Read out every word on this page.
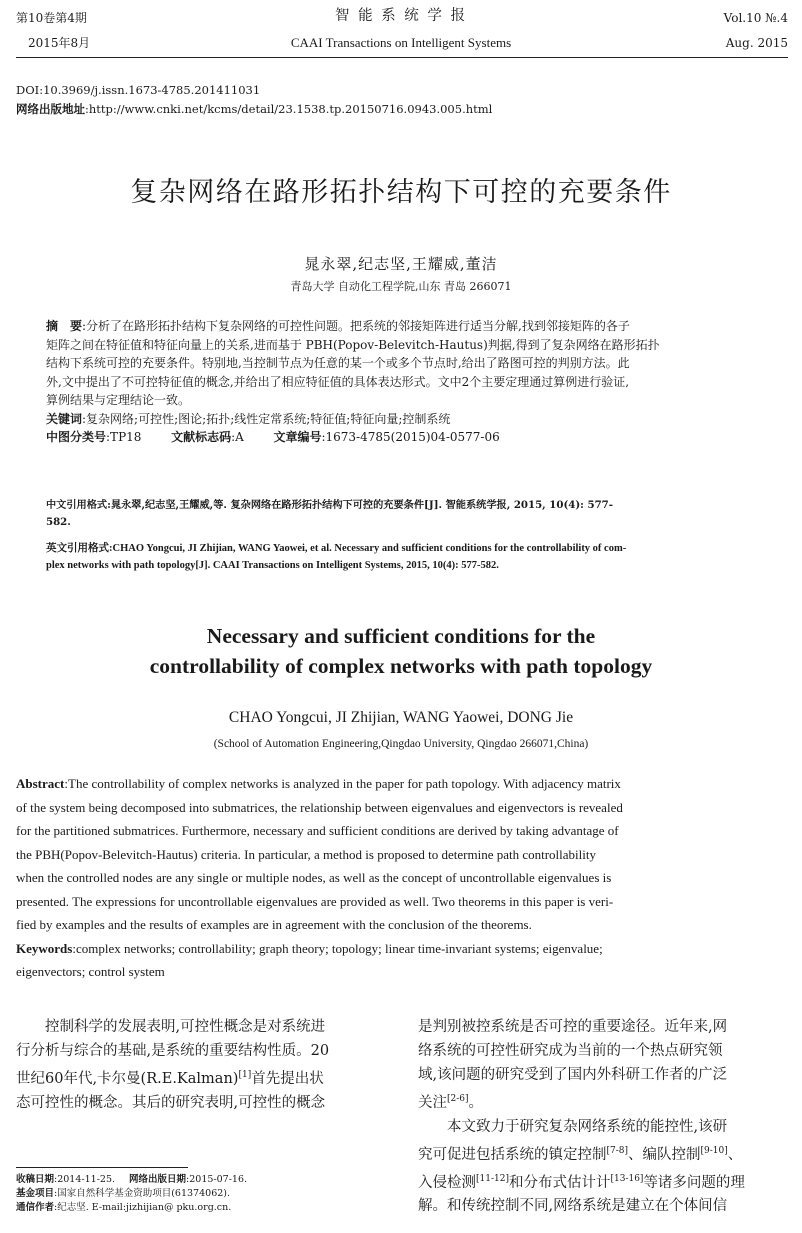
第10卷第4期
2015年8月
智 能 系 统 学 报
CAAI Transactions on Intelligent Systems
Vol.10 №.4
Aug. 2015
DOI:10.3969/j.issn.1673-4785.201411031
网络出版地址:http://www.cnki.net/kcms/detail/23.1538.tp.20150716.0943.005.html
复杂网络在路形拓扑结构下可控的充要条件
晁永翠,纪志坚,王耀威,董洁
青岛大学 自动化工程学院,山东 青岛 266071
摘　要:分析了在路形拓扑结构下复杂网络的可控性问题。把系统的邻接矩阵进行适当分解,找到邻接矩阵的各子
矩阵之间在特征值和特征向量上的关系,进而基于 PBH(Popov-Belevitch-Hautus)判据,得到了复杂网络在路形拓扑
结构下系统可控的充要条件。特别地,当控制节点为任意的某一个或多个节点时,给出了路图可控的判别方法。此
外,文中提出了不可控特征值的概念,并给出了相应特征值的具体表达形式。文中2个主要定理通过算例进行验证,
算例结果与定理结论一致。
关键词:复杂网络;可控性;图论;拓扑;线性定常系统;特征值;特征向量;控制系统
中图分类号:TP18 文献标志码:A 文章编号:1673-4785(2015)04-0577-06
中文引用格式:晁永翠,纪志坚,王耀威,等. 复杂网络在路形拓扑结构下可控的充要条件[J]. 智能系统学报, 2015, 10(4): 577-
582.
英文引用格式:CHAO Yongcui, JI Zhijian, WANG Yaowei, et al. Necessary and sufficient conditions for the controllability of com-
plex networks with path topology[J]. CAAI Transactions on Intelligent Systems, 2015, 10(4): 577-582.
Necessary and sufficient conditions for the
controllability of complex networks with path topology
CHAO Yongcui, JI Zhijian, WANG Yaowei, DONG Jie
(School of Automation Engineering,Qingdao University, Qingdao 266071,China)
Abstract:The controllability of complex networks is analyzed in the paper for path topology. With adjacency matrix
of the system being decomposed into submatrices, the relationship between eigenvalues and eigenvectors is revealed
for the partitioned submatrices. Furthermore, necessary and sufficient conditions are derived by taking advantage of
the PBH(Popov-Belevitch-Hautus) criteria. In particular, a method is proposed to determine path controllability
when the controlled nodes are any single or multiple nodes, as well as the concept of uncontrollable eigenvalues is
presented. The expressions for uncontrollable eigenvalues are provided as well. Two theorems in this paper is veri-
fied by examples and the results of examples are in agreement with the conclusion of the theorems.
Keywords:complex networks; controllability; graph theory; topology; linear time-invariant systems; eigenvalue;
eigenvectors; control system
　　控制科学的发展表明,可控性概念是对系统进
行分析与综合的基础,是系统的重要结构性质。20
世纪60年代,卡尔曼(R.E.Kalman)[1]首先提出状
态可控性的概念。其后的研究表明,可控性的概念
收稿日期:2014-11-25. 网络出版日期:2015-07-16.
基金项目:国家自然科学基金资助项目(61374062).
通信作者:纪志坚. E-mail:jizhijian@ pku.org.cn.
是判别被控系统是否可控的重要途径。近年来,网
络系统的可控性研究成为当前的一个热点研究领
域,该问题的研究受到了国内外科研工作者的广泛
关注[2-6]。
　　本文致力于研究复杂网络系统的能控性,该研
究可促进包括系统的镇定控制[7-8]、编队控制[9-10]、
入侵检测[11-12]和分布式估计计[13-16]等诸多问题的理
解。和传统控制不同,网络系统是建立在个体间信
